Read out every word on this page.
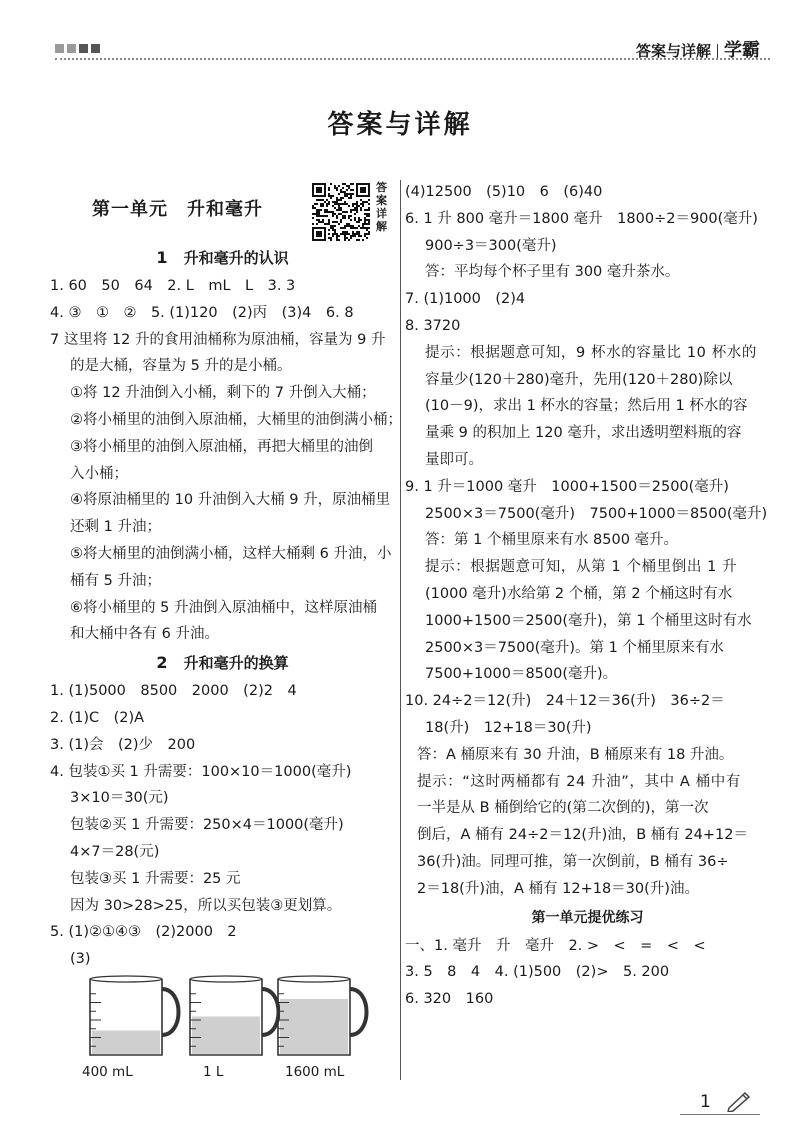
答案与详解 学霸
答案与详解
第一单元　升和毫升
答案详解
1 升和毫升的认识
1. 60　50　64　2. L　mL　L　3. 3
4. ③　①　②　5. (1)120　(2)丙　(3)4　6. 8
7 这里将 12 升的食用油桶称为原油桶，容量为 9 升
的是大桶，容量为 5 升的是小桶。
①将 12 升油倒入小桶，剩下的 7 升倒入大桶；
②将小桶里的油倒入原油桶，大桶里的油倒满小桶；
③将小桶里的油倒入原油桶，再把大桶里的油倒
入小桶；
④将原油桶里的 10 升油倒入大桶 9 升，原油桶里
还剩 1 升油；
⑤将大桶里的油倒满小桶，这样大桶剩 6 升油，小
桶有 5 升油；
⑥将小桶里的 5 升油倒入原油桶中，这样原油桶
和大桶中各有 6 升油。
2 升和毫升的换算
1. (1)5000　8500　2000　(2)2　4
2. (1)C　(2)A
3. (1)会　(2)少　200
4. 包装①买 1 升需要：100×10＝1000(毫升)
3×10＝30(元)
包装②买 1 升需要：250×4＝1000(毫升)
4×7＝28(元)
包装③买 1 升需要：25 元
因为 30>28>25，所以买包装③更划算。
5. (1)②①④③　(2)2000　2
(3)
400 mL	1 L	1600 mL
(4)12500　(5)10　6　(6)40
6. 1 升 800 毫升＝1800 毫升　1800÷2＝900(毫升)
900÷3＝300(毫升)
答：平均每个杯子里有 300 毫升茶水。
7. (1)1000　(2)4
8. 3720
提示：根据题意可知，9 杯水的容量比 10 杯水的
容量少(120＋280)毫升，先用(120＋280)除以
(10－9)，求出 1 杯水的容量；然后用 1 杯水的容
量乘 9 的积加上 120 毫升，求出透明塑料瓶的容
量即可。
9. 1 升＝1000 毫升　1000+1500＝2500(毫升)
2500×3＝7500(毫升)　7500+1000＝8500(毫升)
答：第 1 个桶里原来有水 8500 毫升。
提示：根据题意可知，从第 1 个桶里倒出 1 升
(1000 毫升)水给第 2 个桶，第 2 个桶这时有水
1000+1500＝2500(毫升)，第 1 个桶里这时有水
2500×3＝7500(毫升)。第 1 个桶里原来有水
7500+1000＝8500(毫升)。
10. 24÷2＝12(升)　24＋12＝36(升)　36÷2＝
18(升)　12+18＝30(升)
答：A 桶原来有 30 升油，B 桶原来有 18 升油。
提示：“这时两桶都有 24 升油”，其中 A 桶中有
一半是从 B 桶倒给它的(第二次倒的)，第一次
倒后，A 桶有 24÷2＝12(升)油，B 桶有 24+12＝
36(升)油。同理可推，第一次倒前，B 桶有 36÷
2＝18(升)油，A 桶有 12+18＝30(升)油。
第一单元提优练习
一、1. 毫升　升　毫升　2. >　<　=　<　<
3. 5　8　4　4. (1)500　(2)>　5. 200
6. 320　160
1
